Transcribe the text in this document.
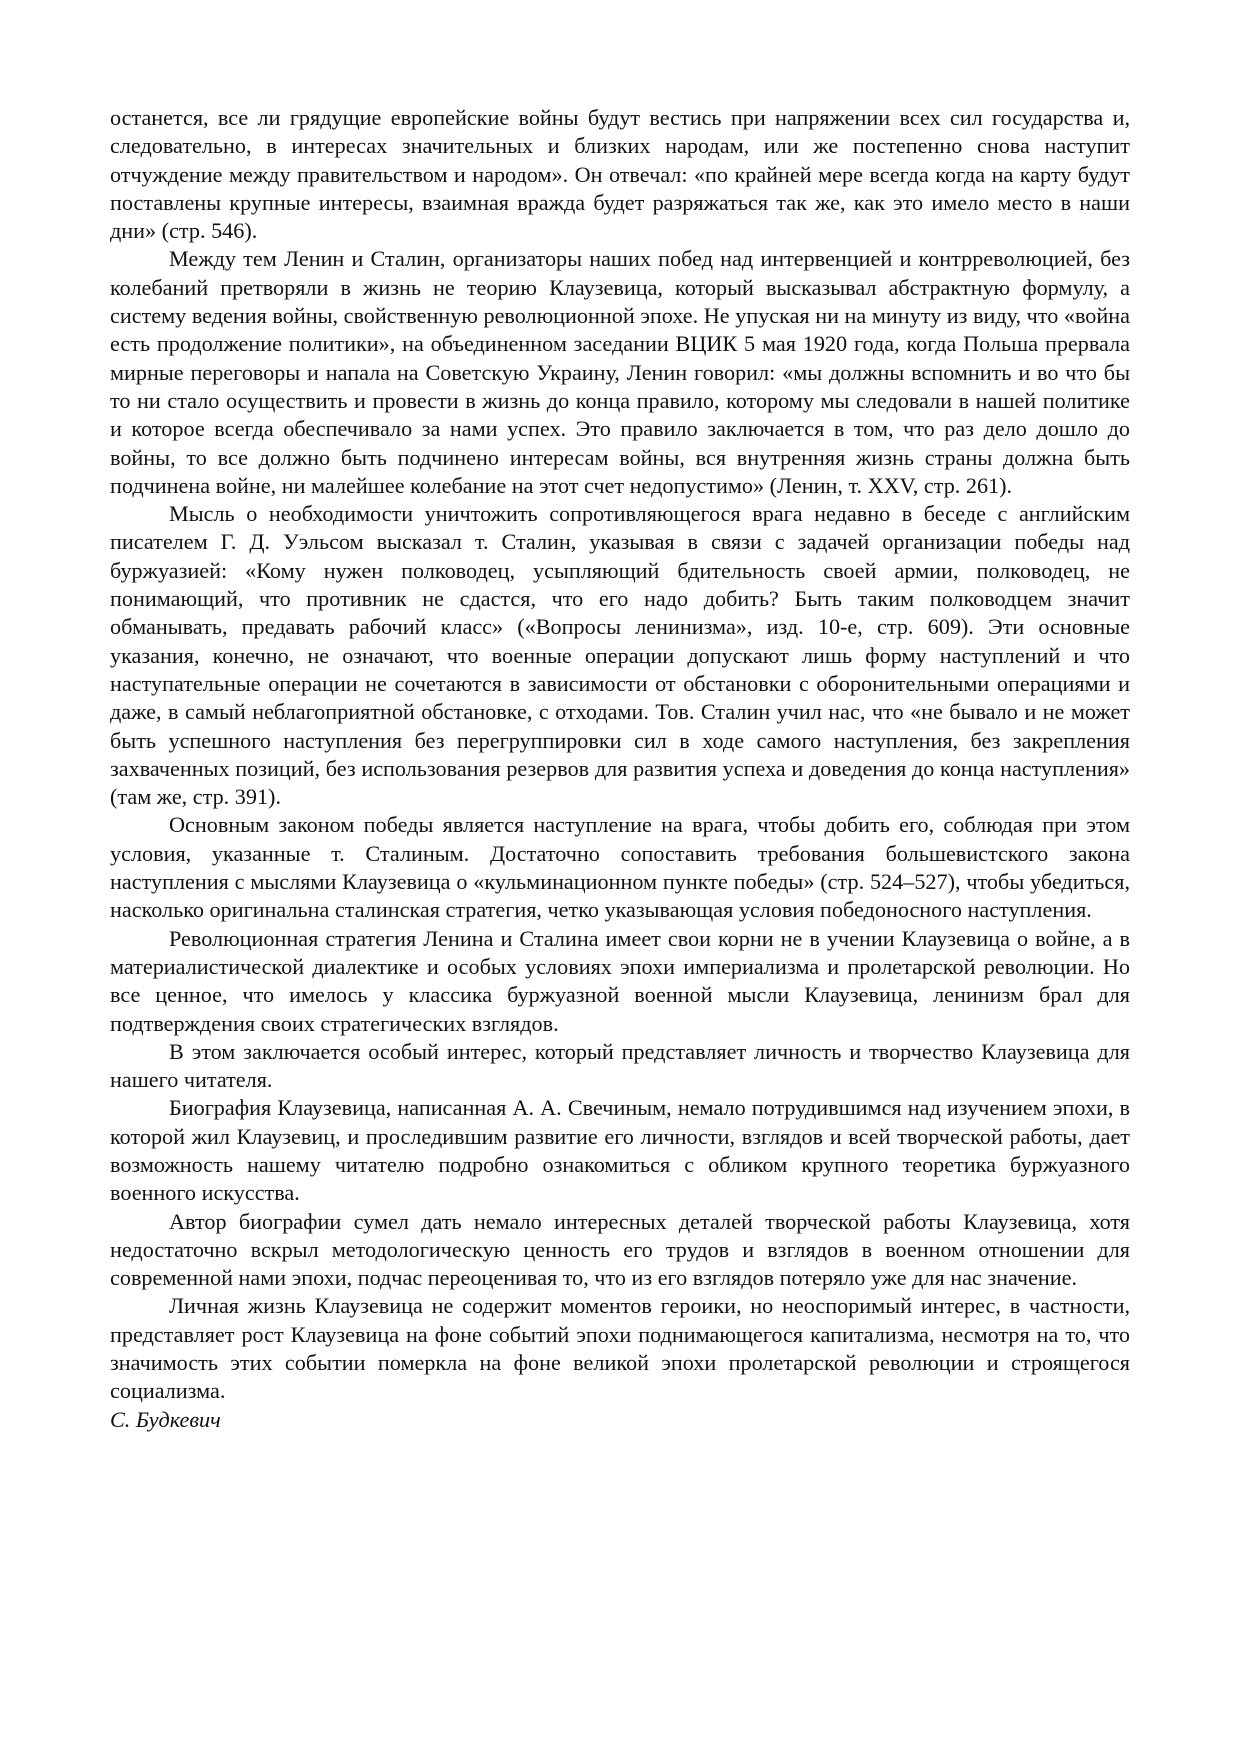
останется, все ли грядущие европейские войны будут вестись при напряжении всех сил государства и, следовательно, в интересах значительных и близких народам, или же постепенно снова наступит отчуждение между правительством и народом». Он отвечал: «по крайней мере всегда когда на карту будут поставлены крупные интересы, взаимная вражда будет разряжаться так же, как это имело место в наши дни» (стр. 546).

Между тем Ленин и Сталин, организаторы наших побед над интервенцией и контрреволюцией, без колебаний претворяли в жизнь не теорию Клаузевица, который высказывал абстрактную формулу, а систему ведения войны, свойственную революционной эпохе. Не упуская ни на минуту из виду, что «война есть продолжение политики», на объединенном заседании ВЦИК 5 мая 1920 года, когда Польша прервала мирные переговоры и напала на Советскую Украину, Ленин говорил: «мы должны вспомнить и во что бы то ни стало осуществить и провести в жизнь до конца правило, которому мы следовали в нашей политике и которое всегда обеспечивало за нами успех. Это правило заключается в том, что раз дело дошло до войны, то все должно быть подчинено интересам войны, вся внутренняя жизнь страны должна быть подчинена войне, ни малейшее колебание на этот счет недопустимо» (Ленин, т. XXV, стр. 261).

Мысль о необходимости уничтожить сопротивляющегося врага недавно в беседе с английским писателем Г. Д. Уэльсом высказал т. Сталин, указывая в связи с задачей организации победы над буржуазией: «Кому нужен полководец, усыпляющий бдительность своей армии, полководец, не понимающий, что противник не сдастся, что его надо добить? Быть таким полководцем значит обманывать, предавать рабочий класс» («Вопросы ленинизма», изд. 10-е, стр. 609). Эти основные указания, конечно, не означают, что военные операции допускают лишь форму наступлений и что наступательные операции не сочетаются в зависимости от обстановки с оборонительными операциями и даже, в самый неблагоприятной обстановке, с отходами. Тов. Сталин учил нас, что «не бывало и не может быть успешного наступления без перегруппировки сил в ходе самого наступления, без закрепления захваченных позиций, без использования резервов для развития успеха и доведения до конца наступления» (там же, стр. 391).

Основным законом победы является наступление на врага, чтобы добить его, соблюдая при этом условия, указанные т. Сталиным. Достаточно сопоставить требования большевистского закона наступления с мыслями Клаузевица о «кульминационном пункте победы» (стр. 524–527), чтобы убедиться, насколько оригинальна сталинская стратегия, четко указывающая условия победоносного наступления.

Революционная стратегия Ленина и Сталина имеет свои корни не в учении Клаузевица о войне, а в материалистической диалектике и особых условиях эпохи империализма и пролетарской революции. Но все ценное, что имелось у классика буржуазной военной мысли Клаузевица, ленинизм брал для подтверждения своих стратегических взглядов.

В этом заключается особый интерес, который представляет личность и творчество Клаузевица для нашего читателя.

Биография Клаузевица, написанная А. А. Свечиным, немало потрудившимся над изучением эпохи, в которой жил Клаузевиц, и проследившим развитие его личности, взглядов и всей творческой работы, дает возможность нашему читателю подробно ознакомиться с обликом крупного теоретика буржуазного военного искусства.

Автор биографии сумел дать немало интересных деталей творческой работы Клаузевица, хотя недостаточно вскрыл методологическую ценность его трудов и взглядов в военном отношении для современной нами эпохи, подчас переоценивая то, что из его взглядов потеряло уже для нас значение.

Личная жизнь Клаузевица не содержит моментов героики, но неоспоримый интерес, в частности, представляет рост Клаузевица на фоне событий эпохи поднимающегося капитализма, несмотря на то, что значимость этих событии померкла на фоне великой эпохи пролетарской революции и строящегося социализма.

С. Будкевич
